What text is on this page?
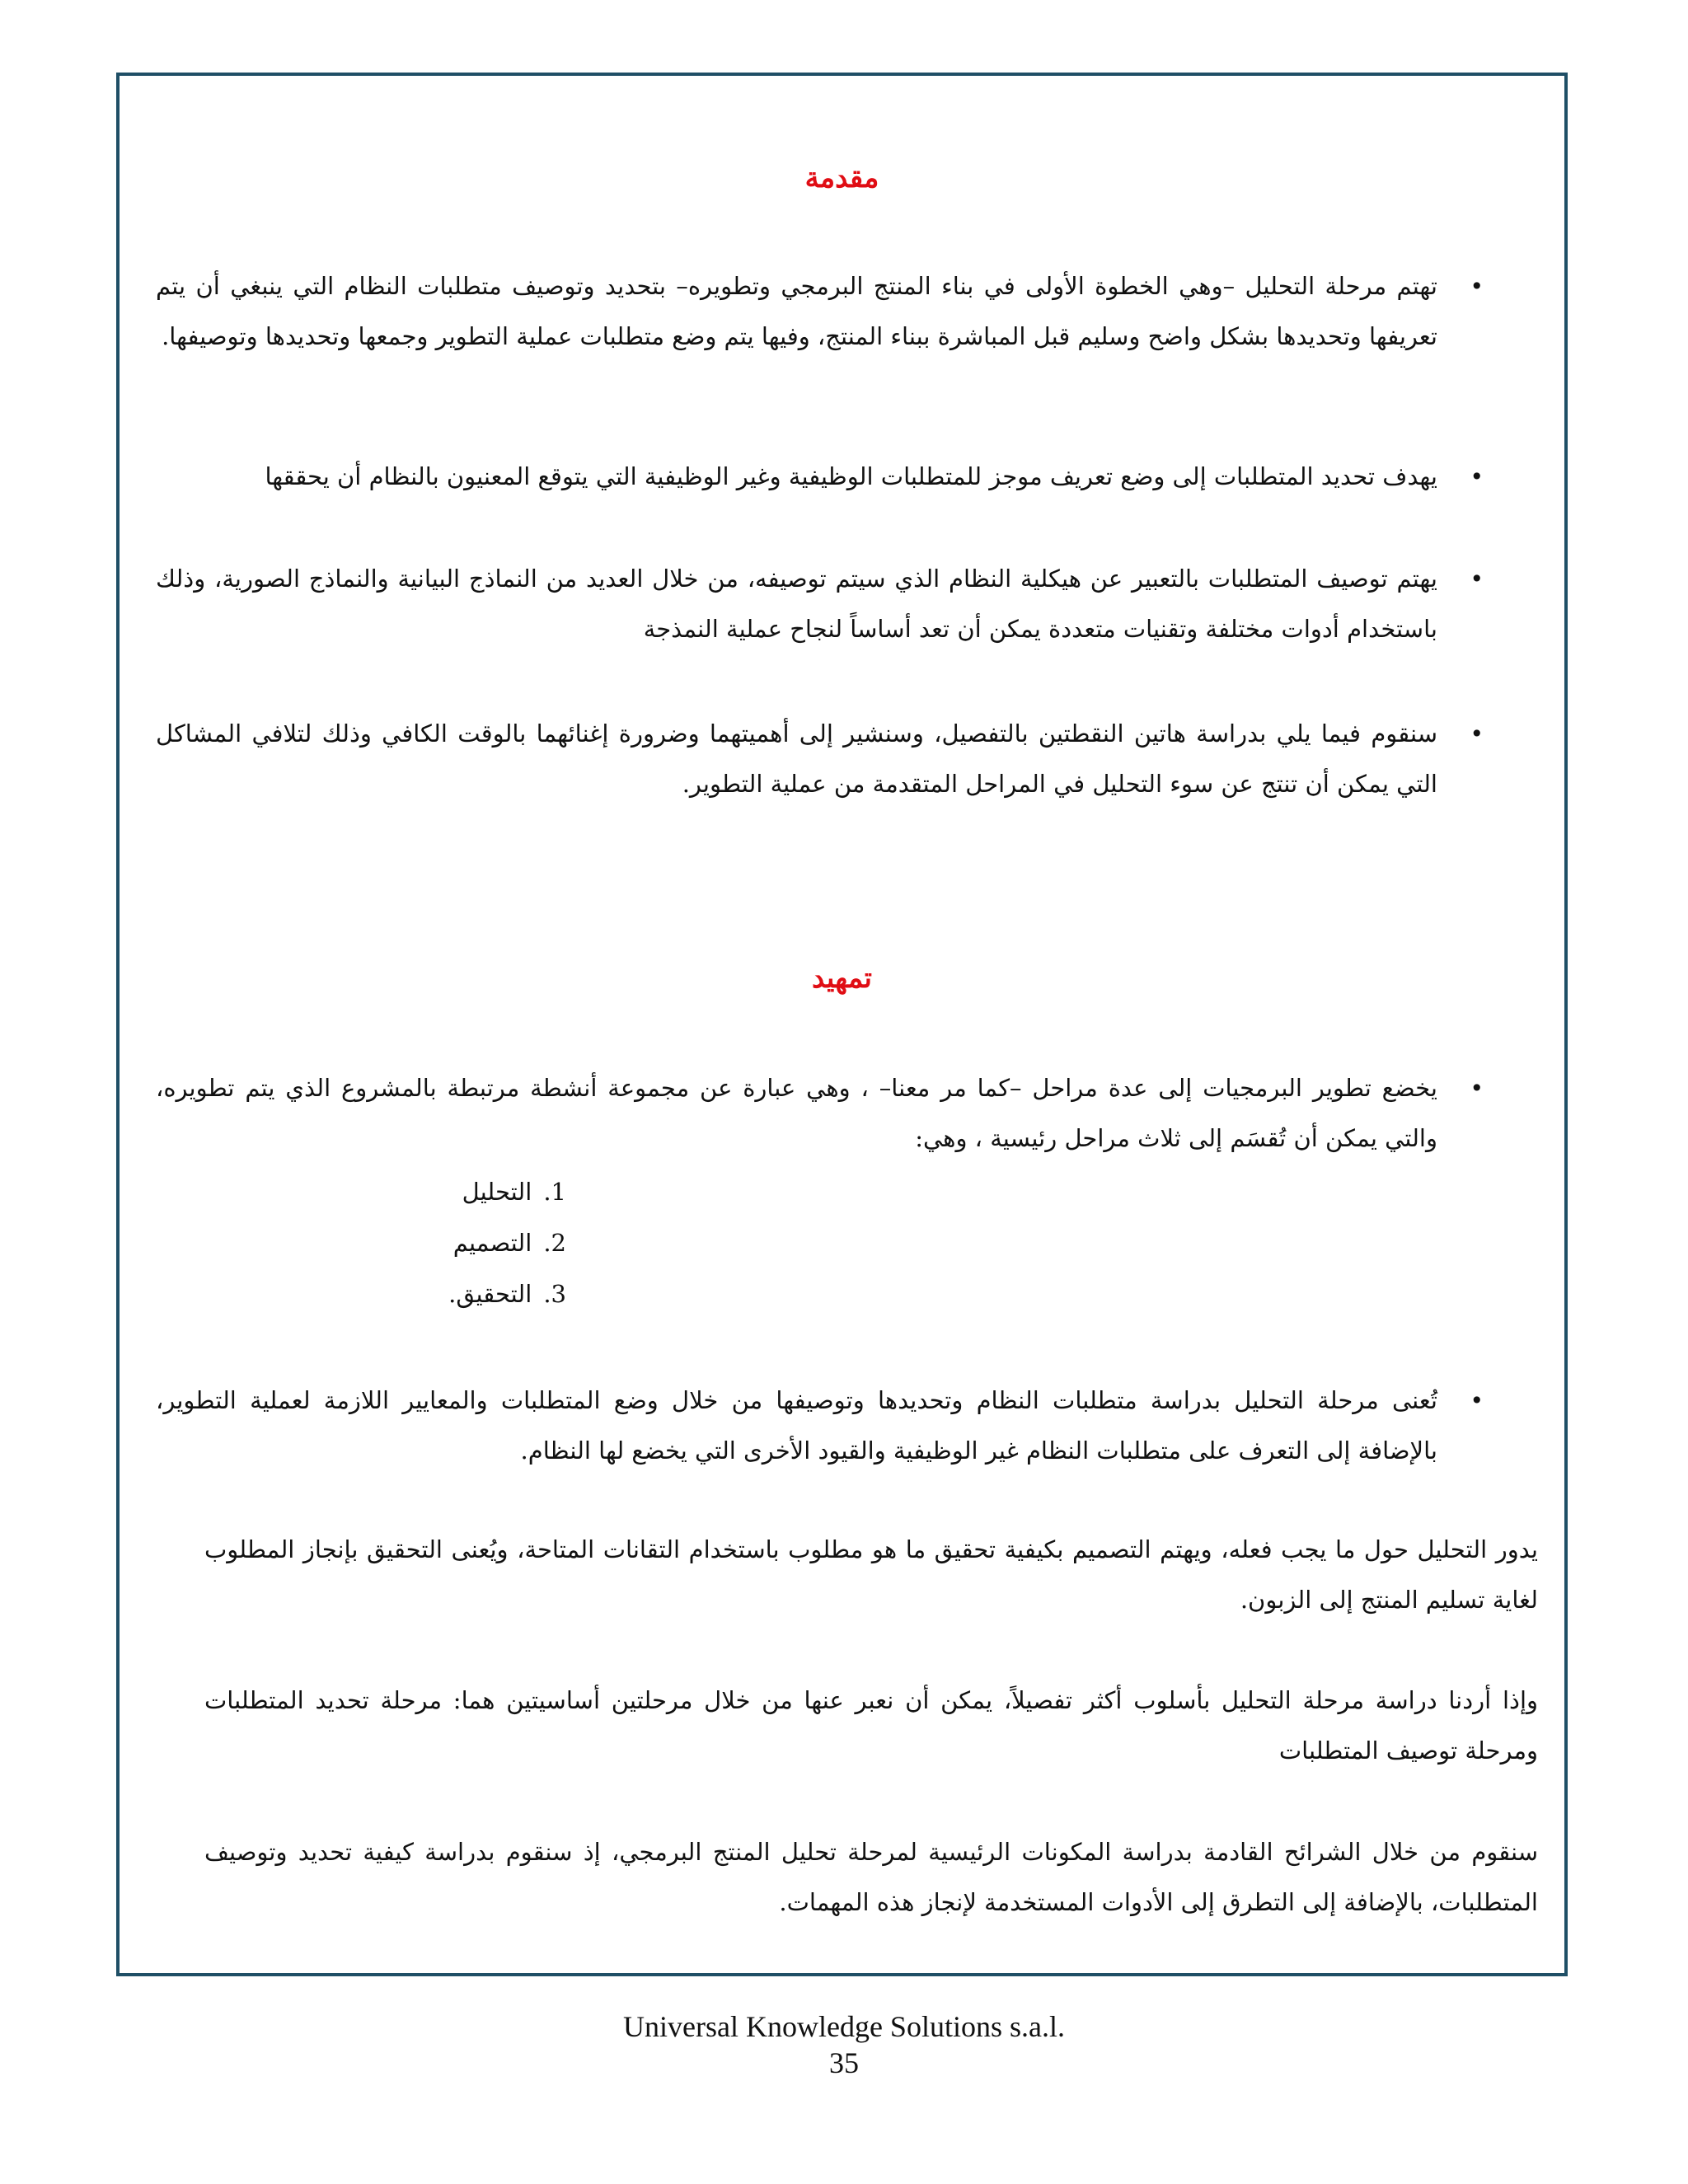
مقدمة
•
تهتم مرحلة التحليل –وهي الخطوة الأولى في بناء المنتج البرمجي وتطويره– بتحديد وتوصيف متطلبات النظام التي ينبغي أن يتم تعريفها وتحديدها بشكل واضح وسليم قبل المباشرة ببناء المنتج، وفيها يتم وضع متطلبات عملية التطوير وجمعها وتحديدها وتوصيفها.
•
يهدف تحديد المتطلبات إلى وضع تعريف موجز للمتطلبات الوظيفية وغير الوظيفية التي يتوقع المعنيون بالنظام أن يحققها
•
يهتم توصيف المتطلبات بالتعبير عن هيكلية النظام الذي سيتم توصيفه، من خلال العديد من النماذج البيانية والنماذج الصورية، وذلك باستخدام أدوات مختلفة وتقنيات متعددة يمكن أن تعد أساساً لنجاح عملية النمذجة
•
سنقوم فيما يلي بدراسة هاتين النقطتين بالتفصيل، وسنشير إلى أهميتهما وضرورة إغنائهما بالوقت الكافي وذلك لتلافي المشاكل التي يمكن أن تنتج عن سوء التحليل في المراحل المتقدمة من عملية التطوير.
تمهيد
•
يخضع تطوير البرمجيات إلى عدة مراحل –كما مر معنا– ، وهي عبارة عن مجموعة أنشطة مرتبطة بالمشروع الذي يتم تطويره، والتي يمكن أن تُقسَم إلى ثلاث مراحل رئيسية ، وهي:
1.التحليل
2.التصميم
3.التحقيق.
•
تُعنى مرحلة التحليل بدراسة متطلبات النظام وتحديدها وتوصيفها من خلال وضع المتطلبات والمعايير اللازمة لعملية التطوير، بالإضافة إلى التعرف على متطلبات النظام غير الوظيفية والقيود الأخرى التي يخضع لها النظام.

يدور التحليل حول ما يجب فعله، ويهتم التصميم بكيفية تحقيق ما هو مطلوب باستخدام التقانات المتاحة، ويُعنى التحقيق بإنجاز المطلوب لغاية تسليم المنتج إلى الزبون.

وإذا أردنا دراسة مرحلة التحليل بأسلوب أكثر تفصيلاً، يمكن أن نعبر عنها من خلال مرحلتين أساسيتين هما: مرحلة تحديد المتطلبات ومرحلة توصيف المتطلبات

سنقوم من خلال الشرائح القادمة بدراسة المكونات الرئيسية لمرحلة تحليل المنتج البرمجي، إذ سنقوم بدراسة كيفية تحديد وتوصيف المتطلبات، بالإضافة إلى التطرق إلى الأدوات المستخدمة لإنجاز هذه المهمات.

Universal Knowledge Solutions s.a.l.

35
